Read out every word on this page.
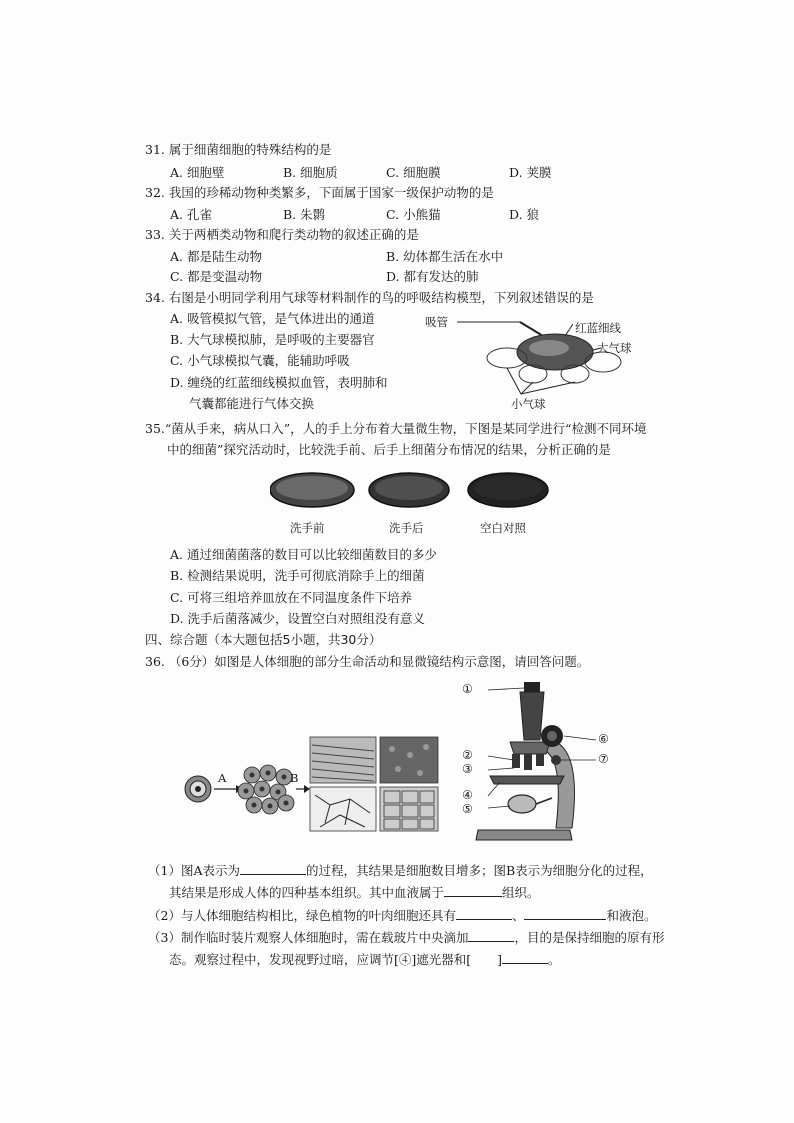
31. 属于细菌细胞的特殊结构的是
A. 细胞壁	B. 细胞质	C. 细胞膜	D. 荚膜
32. 我国的珍稀动物种类繁多，下面属于国家一级保护动物的是
A. 孔雀	B. 朱鹮	C. 小熊猫	D. 狼
33. 关于两栖类动物和爬行类动物的叙述正确的是
A. 都是陆生动物	B. 幼体都生活在水中
C. 都是变温动物	D. 都有发达的肺
34. 右图是小明同学利用气球等材料制作的鸟的呼吸结构模型，下列叙述错误的是
A. 吸管模拟气管，是气体进出的通道
B. 大气球模拟肺，是呼吸的主要器官
C. 小气球模拟气囊，能辅助呼吸
D. 缠绕的红蓝细线模拟血管，表明肺和
气囊都能进行气体交换
吸管	红蓝细线
大气球
小气球
35.“菌从手来，病从口入”，人的手上分布着大量微生物，下图是某同学进行“检测不同环境
中的细菌”探究活动时，比较洗手前、后手上细菌分布情况的结果，分析正确的是
洗手前	洗手后	空白对照
A. 通过细菌菌落的数目可以比较细菌数目的多少
B. 检测结果说明，洗手可彻底消除手上的细菌
C. 可将三组培养皿放在不同温度条件下培养
D. 洗手后菌落减少，设置空白对照组没有意义
四、综合题（本大题包括5小题，共30分）
36. （6分）如图是人体细胞的部分生命活动和显微镜结构示意图，请回答问题。
A	B
①
②
③
④
⑤
⑥
⑦
（1）图A表示为	的过程，其结果是细胞数目增多；图B表示为细胞分化的过程，
其结果是形成人体的四种基本组织。其中血液属于	组织。
（2）与人体细胞结构相比，绿色植物的叶肉细胞还具有	、	和液泡。
（3）制作临时装片观察人体细胞时，需在载玻片中央滴加	，目的是保持细胞的原有形
态。观察过程中，发现视野过暗，应调节[④]遮光器和[ ]	。
